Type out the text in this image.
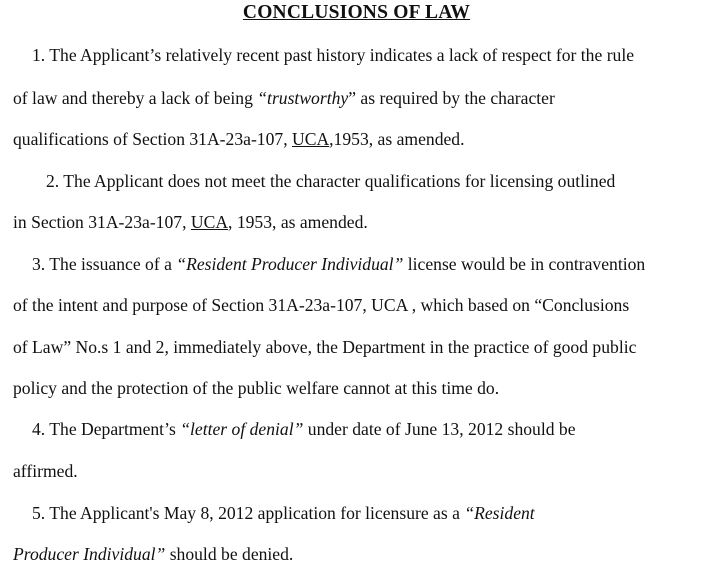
CONCLUSIONS OF LAW
1. The Applicant’s relatively recent past history indicates a lack of respect for the rule
of law and thereby a lack of being “trustworthy” as required by the character
qualifications of Section 31A-23a-107, UCA,1953, as amended.
2. The Applicant does not meet the character qualifications for licensing outlined
in Section 31A-23a-107, UCA, 1953, as amended.
3. The issuance of a “Resident Producer Individual” license would be in contravention
of the intent and purpose of Section 31A-23a-107, UCA , which based on “Conclusions
of Law” No.s 1 and 2, immediately above, the Department in the practice of good public
policy and the protection of the public welfare cannot at this time do.
4. The Department’s “letter of denial” under date of June 13, 2012 should be
affirmed.
5. The Applicant's May 8, 2012 application for licensure as a “Resident
Producer Individual” should be denied.
